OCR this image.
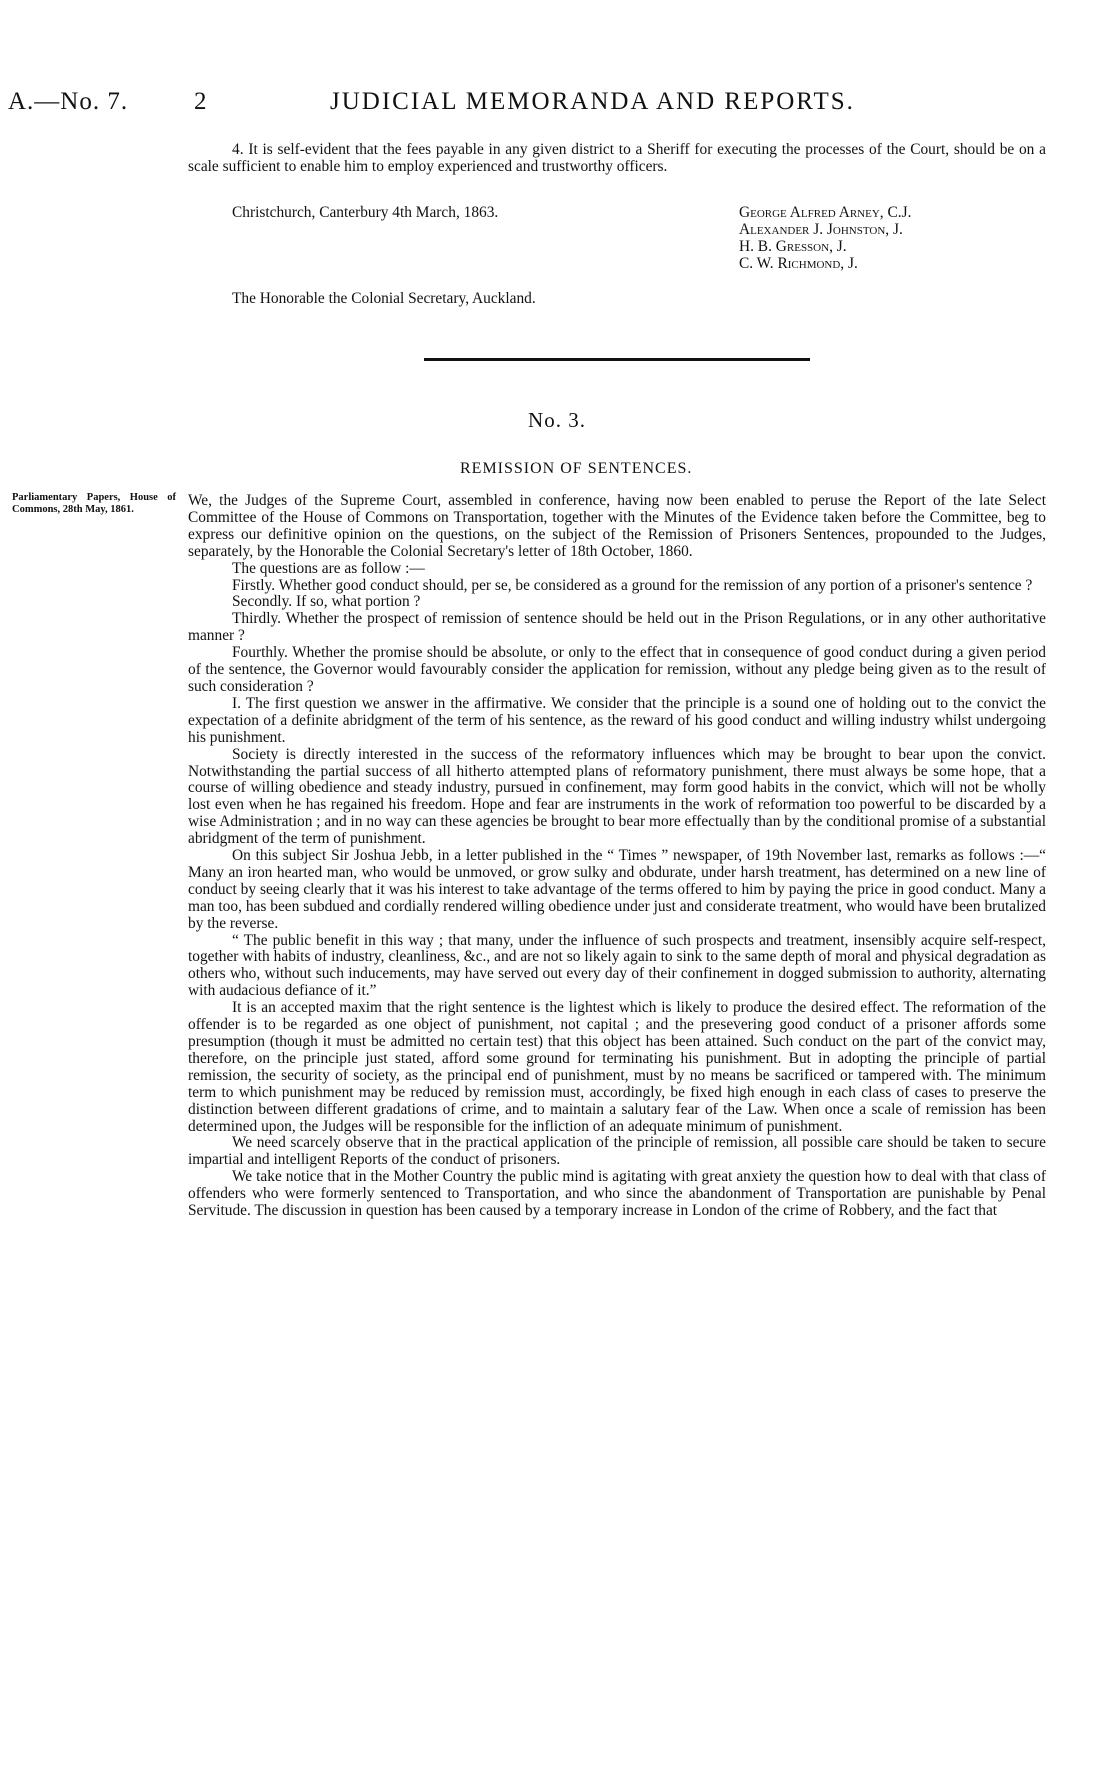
A.—No. 7.	2	JUDICIAL MEMORANDA AND REPORTS.

4. It is self-evident that the fees payable in any given district to a Sheriff for executing the processes of the Court, should be on a scale sufficient to enable him to employ experienced and trustworthy officers.

Christchurch, Canterbury 4th March, 1863.	George Alfred Arney, C.J.
Alexander J. Johnston, J.
H. B. Gresson, J.
C. W. Richmond, J.
The Honorable the Colonial Secretary, Auckland.
No. 3.
REMISSION OF SENTENCES.
Parliamentary Papers, House of Commons, 28th May, 1861.

We, the Judges of the Supreme Court, assembled in conference, having now been enabled to peruse the Report of the late Select Committee of the House of Commons on Transportation, together with the Minutes of the Evidence taken before the Committee, beg to express our definitive opinion on the questions, on the subject of the Remission of Prisoners Sentences, propounded to the Judges, separately, by the Honorable the Colonial Secretary's letter of 18th October, 1860.

The questions are as follow :—

Firstly. Whether good conduct should, per se, be considered as a ground for the remission of any portion of a prisoner's sentence ?

Secondly. If so, what portion ?

Thirdly. Whether the prospect of remission of sentence should be held out in the Prison Regulations, or in any other authoritative manner ?

Fourthly. Whether the promise should be absolute, or only to the effect that in consequence of good conduct during a given period of the sentence, the Governor would favourably consider the application for remission, without any pledge being given as to the result of such consideration ?

I. The first question we answer in the affirmative. We consider that the principle is a sound one of holding out to the convict the expectation of a definite abridgment of the term of his sentence, as the reward of his good conduct and willing industry whilst undergoing his punishment.

Society is directly interested in the success of the reformatory influences which may be brought to bear upon the convict. Notwithstanding the partial success of all hitherto attempted plans of reformatory punishment, there must always be some hope, that a course of willing obedience and steady industry, pursued in confinement, may form good habits in the convict, which will not be wholly lost even when he has regained his freedom. Hope and fear are instruments in the work of reformation too powerful to be discarded by a wise Administration ; and in no way can these agencies be brought to bear more effectually than by the conditional promise of a substantial abridgment of the term of punishment.

On this subject Sir Joshua Jebb, in a letter published in the “ Times ” newspaper, of 19th November last, remarks as follows :—“ Many an iron hearted man, who would be unmoved, or grow sulky and obdurate, under harsh treatment, has determined on a new line of conduct by seeing clearly that it was his interest to take advantage of the terms offered to him by paying the price in good conduct. Many a man too, has been subdued and cordially rendered willing obedience under just and considerate treatment, who would have been brutalized by the reverse.

“ The public benefit in this way ; that many, under the influence of such prospects and treatment, insensibly acquire self-respect, together with habits of industry, cleanliness, &c., and are not so likely again to sink to the same depth of moral and physical degradation as others who, without such inducements, may have served out every day of their confinement in dogged submission to authority, alternating with audacious defiance of it.”

It is an accepted maxim that the right sentence is the lightest which is likely to produce the desired effect. The reformation of the offender is to be regarded as one object of punishment, not capital ; and the presevering good conduct of a prisoner affords some presumption (though it must be admitted no certain test) that this object has been attained. Such conduct on the part of the convict may, therefore, on the principle just stated, afford some ground for terminating his punishment. But in adopting the principle of partial remission, the security of society, as the principal end of punishment, must by no means be sacrificed or tampered with. The minimum term to which punishment may be reduced by remission must, accordingly, be fixed high enough in each class of cases to preserve the distinction between different gradations of crime, and to maintain a salutary fear of the Law. When once a scale of remission has been determined upon, the Judges will be responsible for the infliction of an adequate minimum of punishment.

We need scarcely observe that in the practical application of the principle of remission, all possible care should be taken to secure impartial and intelligent Reports of the conduct of prisoners.

We take notice that in the Mother Country the public mind is agitating with great anxiety the question how to deal with that class of offenders who were formerly sentenced to Transportation, and who since the abandonment of Transportation are punishable by Penal Servitude. The discussion in question has been caused by a temporary increase in London of the crime of Robbery, and the fact that
